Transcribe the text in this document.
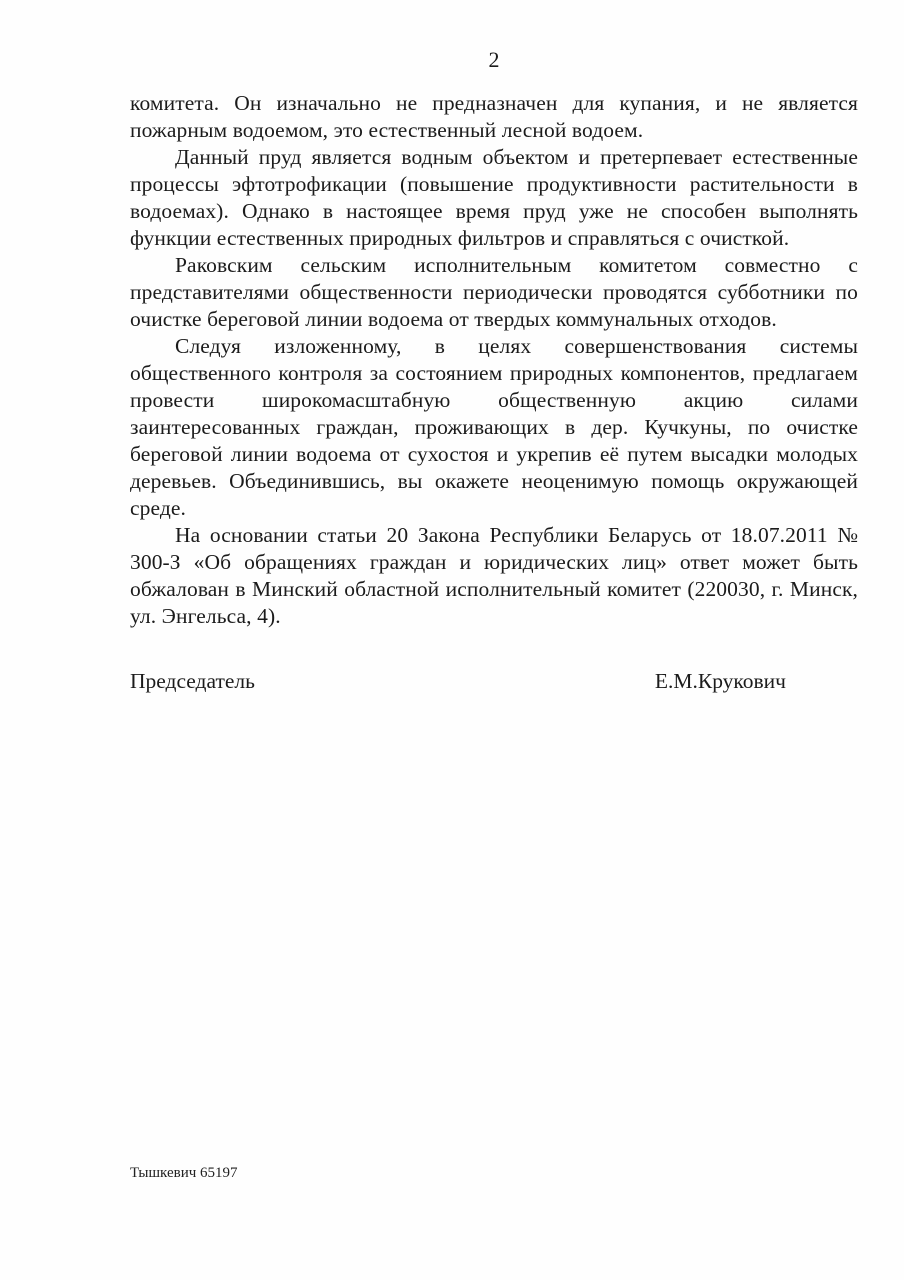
2

комитета. Он изначально не предназначен для купания, и не является пожарным водоемом, это естественный лесной водоем.

Данный пруд является водным объектом и претерпевает естественные процессы эфтотрофикации (повышение продуктивности растительности в водоемах). Однако в настоящее время пруд уже не способен выполнять функции естественных природных фильтров и справляться с очисткой.

Раковским сельским исполнительным комитетом совместно с представителями общественности периодически проводятся субботники по очистке береговой линии водоема от твердых коммунальных отходов.

Следуя изложенному, в целях совершенствования системы общественного контроля за состоянием природных компонентов, предлагаем провести широкомасштабную общественную акцию силами заинтересованных граждан, проживающих в дер. Кучкуны, по очистке береговой линии водоема от сухостоя и укрепив её путем высадки молодых деревьев. Объединившись, вы окажете неоценимую помощь окружающей среде.

На основании статьи 20 Закона Республики Беларусь от 18.07.2011 № 300-З «Об обращениях граждан и юридических лиц» ответ может быть обжалован в Минский областной исполнительный комитет (220030, г. Минск, ул. Энгельса, 4).

Председатель	Е.М.Крукович
Тышкевич 65197
